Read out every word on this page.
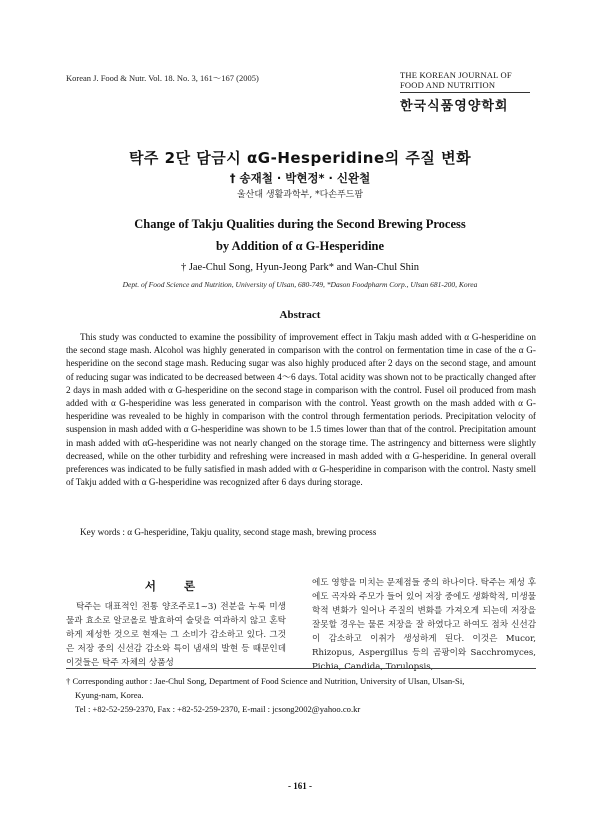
Korean J. Food & Nutr. Vol. 18. No. 3, 161～167 (2005)	THE KOREAN JOURNAL OF
FOOD AND NUTRITION
한국식품영양학회
탁주 2단 담금시 αG-Hesperidine의 주질 변화
† 송재철 · 박현정* · 신완철
울산대 생활과학부, *다손푸드팜
Change of Takju Qualities during the Second Brewing Process
by Addition of α G-Hesperidine
† Jae-Chul Song, Hyun-Jeong Park* and Wan-Chul Shin
Dept. of Food Science and Nutrition, University of Ulsan, 680-749, *Dason Foodpharm Corp., Ulsan 681-200, Korea
Abstract

This study was conducted to examine the possibility of improvement effect in Takju mash added with α G-hesperidine on the second stage mash. Alcohol was highly generated in comparison with the control on fermentation time in case of the α G-hesperidine on the second stage mash. Reducing sugar was also highly produced after 2 days on the second stage, and amount of reducing sugar was indicated to be decreased between 4～6 days. Total acidity was shown not to be practically changed after 2 days in mash added with α G-hesperidine on the second stage in comparison with the control. Fusel oil produced from mash added with α G-hesperidine was less generated in comparison with the control. Yeast growth on the mash added with α G-hesperidine was revealed to be highly in comparison with the control through fermentation periods. Precipitation velocity of suspension in mash added with α G-hesperidine was shown to be 1.5 times lower than that of the control. Precipitation amount in mash added with αG-hesperidine was not nearly changed on the storage time. The astringency and bitterness were slightly decreased, while on the other turbidity and refreshing were increased in mash added with α G-hesperidine. In general overall preferences was indicated to be fully satisfied in mash added with α G-hesperidine in comparison with the control. Nasty smell of Takju added with α G-hesperidine was recognized after 6 days during storage.

Key words : α G-hesperidine, Takju quality, second stage mash, brewing process
서 론

탁주는 대표적인 전통 양조주로1~3) 전분을 누룩 미생물과 효소로 알코올로 발효하여 술덧을 여과하지 않고 혼탁하게 제성한 것으로 현재는 그 소비가 감소하고 있다. 그것은 저장 중의 신선감 감소와 특이 냄새의 발현 등 때문인데 이것들은 탁주 자체의 상품성

에도 영향을 미치는 문제점들 중의 하나이다. 탁주는 제성 후에도 곡자와 주모가 들어 있어 저장 중에도 생화학적, 미생물학적 변화가 일어나 주질의 변화를 가져오게 되는데 저장을 잘못할 경우는 물론 저장을 잘 하였다고 하여도 점차 신선감이 감소하고 이취가 생성하게 된다. 이것은 Mucor, Rhizopus, Aspergillus 등의 곰팡이와 Sacchromyces, Pichia, Candida, Torulopsis,

† Corresponding author : Jae-Chul Song, Department of Food Science and Nutrition, University of Ulsan, Ulsan-Si,

Kyung-nam, Korea.

Tel : +82-52-259-2370, Fax : +82-52-259-2370, E-mail : jcsong2002@yahoo.co.kr

- 161 -
